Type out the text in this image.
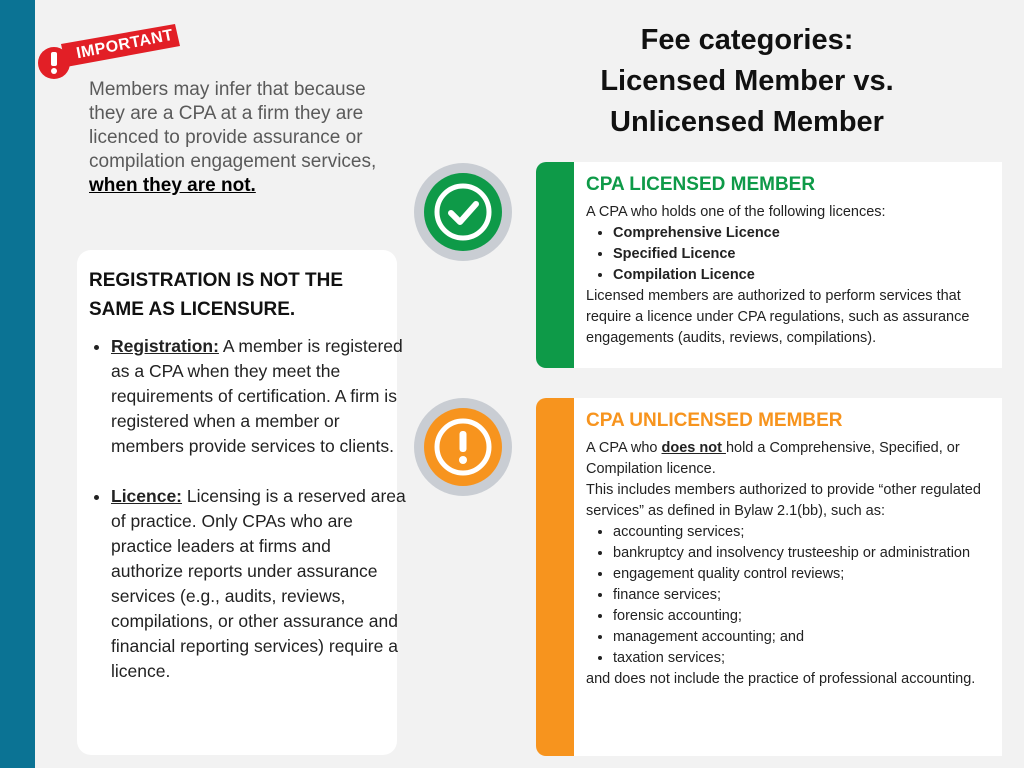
IMPORTANT
Members may infer that because they are a CPA at a firm they are licenced to provide assurance or compilation engagement services, when they are not.
REGISTRATION IS NOT THE SAME AS LICENSURE.
• Registration: A member is registered as a CPA when they meet the requirements of certification. A firm is registered when a member or members provide services to clients.
• Licence: Licensing is a reserved area of practice. Only CPAs who are practice leaders at firms and authorize reports under assurance services (e.g., audits, reviews, compilations, or other assurance and financial reporting services) require a licence.
Fee categories:
Licensed Member vs.
Unlicensed Member
CPA LICENSED MEMBER

A CPA who holds one of the following licences:

• Comprehensive Licence
• Specified Licence
• Compilation Licence

Licensed members are authorized to perform services that require a licence under CPA regulations, such as assurance engagements (audits, reviews, compilations).

CPA UNLICENSED MEMBER

A CPA who does not hold a Comprehensive, Specified, or Compilation licence.

This includes members authorized to provide “other regulated services” as defined in Bylaw 2.1(bb), such as:

• accounting services;
• bankruptcy and insolvency trusteeship or administration
• engagement quality control reviews;
• finance services;
• forensic accounting;
• management accounting; and
• taxation services;

and does not include the practice of professional accounting.
